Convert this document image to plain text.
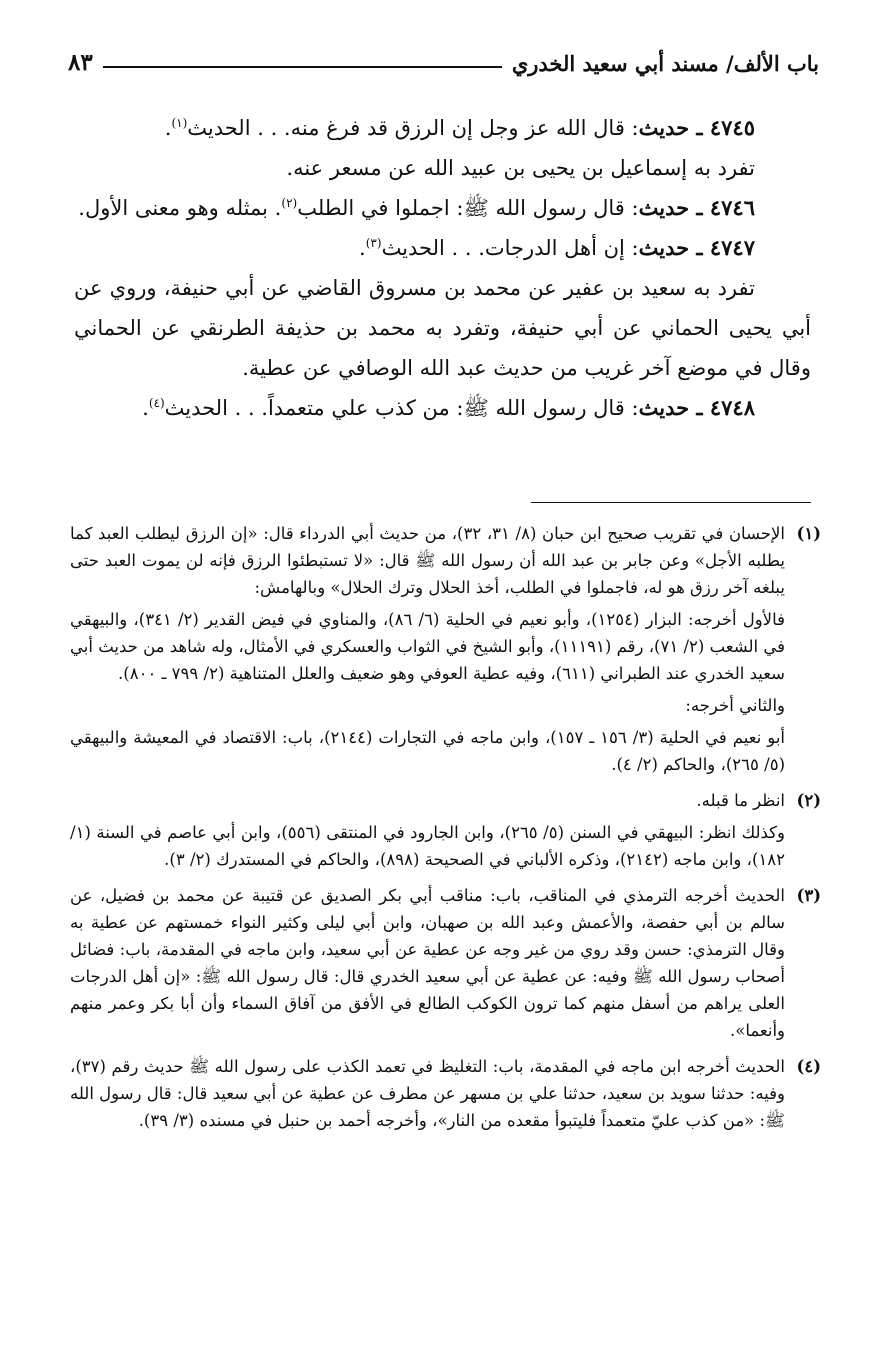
باب الألف/ مسند أبي سعيد الخدري
٨٣

٤٧٤٥ ـ حديث: قال الله عز وجل إن الرزق قد فرغ منه. . . الحديث$^{(١)}$.

تفرد به إسماعيل بن يحيى بن عبيد الله عن مسعر عنه.

٤٧٤٦ ـ حديث: قال رسول الله ﷺ: اجملوا في الطلب$^{(٢)}$. بمثله وهو معنى الأول.

٤٧٤٧ ـ حديث: إن أهل الدرجات. . . الحديث$^{(٣)}$.

تفرد به سعيد بن عفير عن محمد بن مسروق القاضي عن أبي حنيفة، وروي عن أبي يحيى الحماني عن أبي حنيفة، وتفرد به محمد بن حذيفة الطرنقي عن الحماني وقال في موضع آخر غريب من حديث عبد الله الوصافي عن عطية.

٤٧٤٨ ـ حديث: قال رسول الله ﷺ: من كذب علي متعمداً. . . الحديث$^{(٤)}$.

(١)

الإحسان في تقريب صحيح ابن حبان (٨/ ٣١، ٣٢)، من حديث أبي الدرداء قال: «إن الرزق ليطلب العبد كما يطلبه الأجل» وعن جابر بن عبد الله أن رسول الله ﷺ قال: «لا تستبطئوا الرزق فإنه لن يموت العبد حتى يبلغه آخر رزق هو له، فاجملوا في الطلب، أخذ الحلال وترك الحلال» وبالهامش:

فالأول أخرجه: البزار (١٢٥٤)، وأبو نعيم في الحلية (٦/ ٨٦)، والمناوي في فيض القدير (٢/ ٣٤١)، والبيهقي في الشعب (٢/ ٧١)، رقم (١١١٩١)، وأبو الشيخ في الثواب والعسكري في الأمثال، وله شاهد من حديث أبي سعيد الخدري عند الطبراني (٦١١)، وفيه عطية العوفي وهو ضعيف والعلل المتناهية (٢/ ٧٩٩ ـ ٨٠٠).

والثاني أخرجه:

أبو نعيم في الحلية (٣/ ١٥٦ ـ ١٥٧)، وابن ماجه في التجارات (٢١٤٤)، باب: الاقتصاد في المعيشة والبيهقي (٥/ ٢٦٥)، والحاكم (٢/ ٤).

(٢)

انظر ما قبله.

وكذلك انظر: البيهقي في السنن (٥/ ٢٦٥)، وابن الجارود في المنتقى (٥٥٦)، وابن أبي عاصم في السنة (١/ ١٨٢)، وابن ماجه (٢١٤٢)، وذكره الألباني في الصحيحة (٨٩٨)، والحاكم في المستدرك (٢/ ٣).

(٣)

الحديث أخرجه الترمذي في المناقب، باب: مناقب أبي بكر الصديق عن قتيبة عن محمد بن فضيل، عن سالم بن أبي حفصة، والأعمش وعبد الله بن صهبان، وابن أبي ليلى وكثير النواء خمستهم عن عطية به وقال الترمذي: حسن وقد روي من غير وجه عن عطية عن أبي سعيد، وابن ماجه في المقدمة، باب: فضائل أصحاب رسول الله ﷺ وفيه: عن عطية عن أبي سعيد الخدري قال: قال رسول الله ﷺ: «إن أهل الدرجات العلى يراهم من أسفل منهم كما ترون الكوكب الطالع في الأفق من آفاق السماء وأن أبا بكر وعمر منهم وأنعما».

(٤)

الحديث أخرجه ابن ماجه في المقدمة، باب: التغليظ في تعمد الكذب على رسول الله ﷺ حديث رقم (٣٧)، وفيه: حدثنا سويد بن سعيد، حدثنا علي بن مسهر عن مطرف عن عطية عن أبي سعيد قال: قال رسول الله ﷺ: «من كذب عليّ متعمداً فليتبوأ مقعده من النار»، وأخرجه أحمد بن حنبل في مسنده (٣/ ٣٩).
